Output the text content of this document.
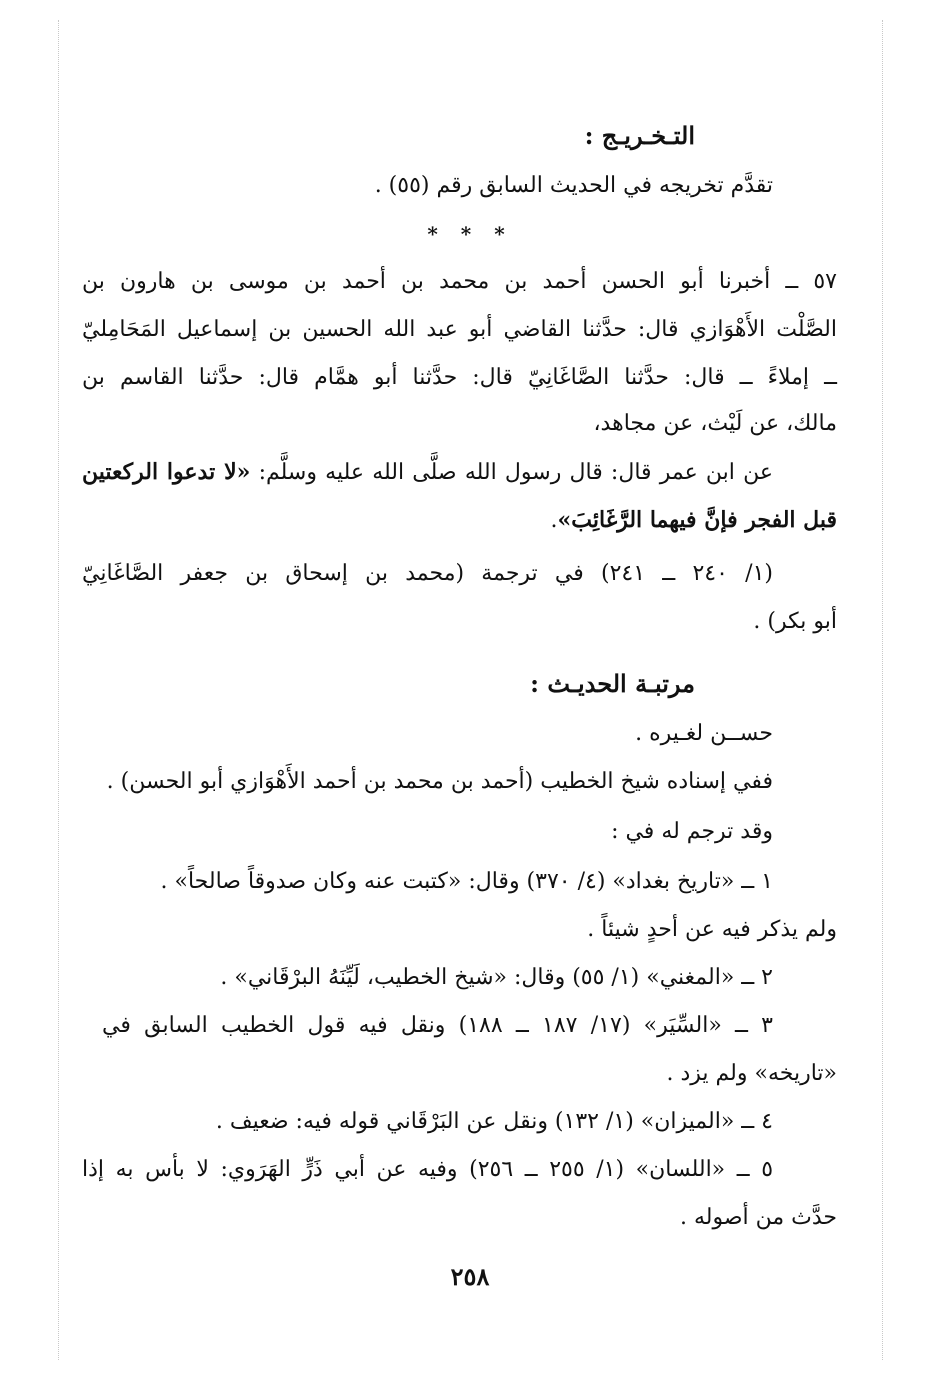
التـخـريـج :
تقدَّم تخريجه في الحديث السابق رقم (٥٥) .
* * *
٥٧ ــ أخبرنا أبو الحسن أحمد بن محمد بن أحمد بن موسى بن هارون بن
الصَّلْت الأَهْوَازي قال: حدَّثنا القاضي أبو عبد الله الحسين بن إسماعيل المَحَامِليّ
ــ إملاءً ــ قال: حدَّثنا الصَّاغَانِيّ قال: حدَّثنا أبو همَّام قال: حدَّثنا القاسم بن
مالك، عن لَيْث، عن مجاهد،
عن ابن عمر قال: قال رسول الله صلَّى الله عليه وسلَّم: «لا تدعوا الركعتين
قبل الفجر فإنَّ فيهما الرَّغَائِبَ».
(١/ ٢٤٠ ــ ٢٤١) في ترجمة (محمد بن إسحاق بن جعفر الصَّاغَانِيّ
أبو بكر) .
مرتبـة الحديـث :
حســن لغـيره .
ففي إسناده شيخ الخطيب (أحمد بن محمد بن أحمد الأَهْوَازي أبو الحسن) .
وقد ترجم له في :
١ ــ «تاريخ بغداد» (٤/ ٣٧٠) وقال: «كتبت عنه وكان صدوقاً صالحاً» .
ولم يذكر فيه عن أحدٍ شيئاً .
٢ ــ «المغني» (١/ ٥٥) وقال: «شيخ الخطيب، لَيِّنَهُ البرْقَاني» .
٣ ــ «السِّيَر» (١٧/ ١٨٧ ــ ١٨٨) ونقل فيه قول الخطيب السابق في
«تاريخه» ولم يزد .
٤ ــ «الميزان» (١/ ١٣٢) ونقل عن البَرْقَاني قوله فيه: ضعيف .
٥ ــ «اللسان» (١/ ٢٥٥ ــ ٢٥٦) وفيه عن أبي ذَرٍّ الهَرَوي: لا بأس به إذا
حدَّث من أصوله .
٢٥٨
